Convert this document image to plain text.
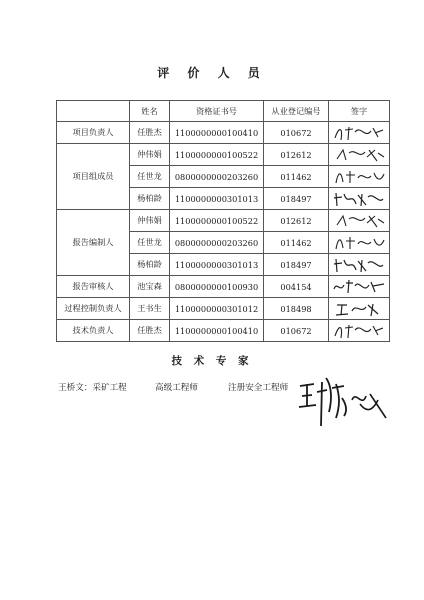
评 价 人 员
	姓名	资格证书号	从业登记编号	签字
项目负责人	任胜杰	1100000000100410	010672	

项目组成员	仲伟娟	1100000000100522	012612	

	任世龙	0800000000203260	011462	

	杨柏龄	1100000000301013	018497	

报告编制人	仲伟娟	1100000000100522	012612	

	任世龙	0800000000203260	011462	

	杨柏龄	1100000000301013	018497	

报告审核人	池宝森	0800000000100930	004154	

过程控制负责人	王书生	1100000000301012	018498	

技术负责人	任胜杰	1100000000100410	010672	
技 术 专 家
王桥文：采矿工程	高级工程师	注册安全工程师
